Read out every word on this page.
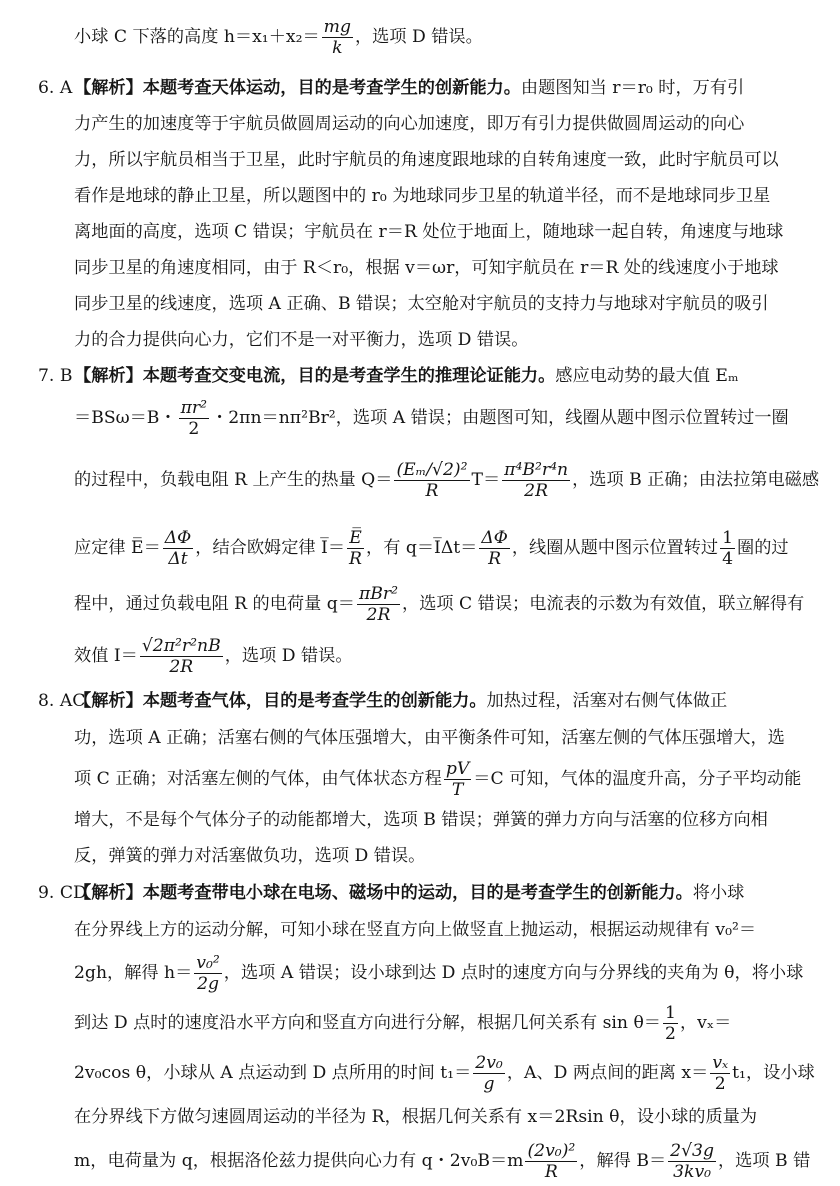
小球 C 下落的高度 $h=x_1+x_2= \frac{mg}{k}$ ，选项 D 错误。

6. A 【解析】本题考查天体运动，目的是考查学生的创新能力。由题图知当 r＝r₀ 时，万有引

力产生的加速度等于宇航员做圆周运动的向心加速度，即万有引力提供做圆周运动的向心

力，所以宇航员相当于卫星，此时宇航员的角速度跟地球的自转角速度一致，此时宇航员可以

看作是地球的静止卫星，所以题图中的 r₀ 为地球同步卫星的轨道半径，而不是地球同步卫星

离地面的高度，选项 C 错误；宇航员在 r＝R 处位于地面上，随地球一起自转，角速度与地球

同步卫星的角速度相同，由于 R＜r₀，根据 v＝ωr，可知宇航员在 r＝R 处的线速度小于地球

同步卫星的线速度，选项 A 正确、B 错误；太空舱对宇航员的支持力与地球对宇航员的吸引

力的合力提供向心力，它们不是一对平衡力，选项 D 错误。

7. B 【解析】本题考查交变电流，目的是考查学生的推理论证能力。感应电动势的最大值 Eₘ

＝BSω＝B・ $\frac{\text{πr²}}{2}$ ・2πn＝nπ²Br²，选项 A 错误；由题图可知，线圈从题中图示位置转过一圈

的过程中，负载电阻 R 上产生的热量 $Q= \frac{\text{(Eₘ/√2)²}}{R} T= \frac{\text{π⁴B²r⁴n}}{2R}$ ，选项 B 正确；由法拉第电磁感

应定律 E̅＝ $\frac{\Delta\Phi}{\Delta t}$ ，结合欧姆定律 I̅＝ $\frac{E̅}{R}$ ，有 q＝I̅Δt＝ $\frac{\Delta\Phi}{R}$ ，线圈从题中图示位置转过 $\frac{1}{4}$ 圈的过

程中，通过负载电阻 R 的电荷量 $q= \frac{\text{πBr²}}{2R}$ ，选项 C 错误；电流表的示数为有效值，联立解得有

效值 $I= \frac{\text{√2π²r²nB}}{2R}$ ，选项 D 错误。

8. AC
【解析】本题考查气体，目的是考查学生的创新能力。加热过程，活塞对右侧气体做正

功，选项 A 正确；活塞右侧的气体压强增大，由平衡条件可知，活塞左侧的气体压强增大，选

项 C 正确；对活塞左侧的气体，由气体状态方程 $\frac{pV}{T} =C$ 可知，气体的温度升高，分子平均动能

增大，不是每个气体分子的动能都增大，选项 B 错误；弹簧的弹力方向与活塞的位移方向相

反，弹簧的弹力对活塞做负功，选项 D 错误。

9. CD
【解析】本题考查带电小球在电场、磁场中的运动，目的是考查学生的创新能力。将小球

在分界线上方的运动分解，可知小球在竖直方向上做竖直上抛运动，根据运动规律有 v₀²＝

2gh，解得 $h= \frac{\text{v₀²}}{2g}$ ，选项 A 错误；设小球到达 D 点时的速度方向与分界线的夹角为 θ，将小球

到达 D 点时的速度沿水平方向和竖直方向进行分解，根据几何关系有 $\sin \theta= \frac{1}{2}$ ，vₓ＝

2v₀cos θ，小球从 A 点运动到 D 点所用的时间 $t_1= \frac{\text{2v₀}}{g}$ ，A、D 两点间的距离 $x= \frac{\text{vₓ}}{2} t_1$，设小球

在分界线下方做匀速圆周运动的半径为 R，根据几何关系有 x＝2Rsin θ，设小球的质量为

m，电荷量为 q，根据洛伦兹力提供向心力有 q・$2v_0B=m \frac{\text{(2v₀)²}}{R}$ ，解得 $B= \frac{2√3g}{\text{3kv₀}}$ ，选项 B 错
